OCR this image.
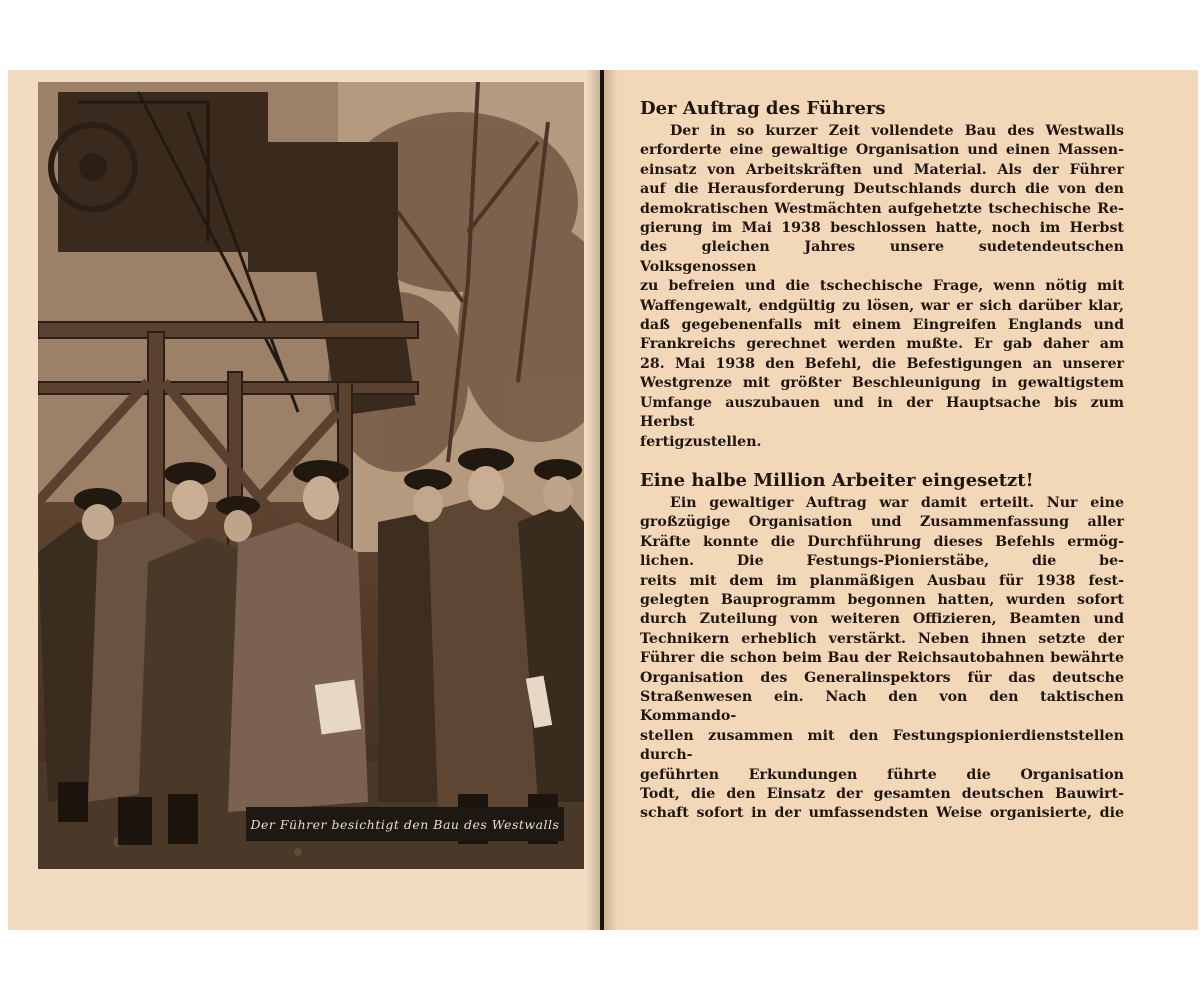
Der Führer besichtigt den Bau des Westwalls
Der Auftrag des Führers
Der in so kurzer Zeit vollendete Bau des Westwalls
erforderte eine gewaltige Organisation und einen Massen-
einsatz von Arbeitskräften und Material. Als der Führer
auf die Herausforderung Deutschlands durch die von den
demokratischen Westmächten aufgehetzte tschechische Re-
gierung im Mai 1938 beschlossen hatte, noch im Herbst
des gleichen Jahres unsere sudetendeutschen Volksgenossen
zu befreien und die tschechische Frage, wenn nötig mit
Waffengewalt, endgültig zu lösen, war er sich darüber klar,
daß gegebenenfalls mit einem Eingreifen Englands und
Frankreichs gerechnet werden mußte. Er gab daher am
28. Mai 1938 den Befehl, die Befestigungen an unserer
Westgrenze mit größter Beschleunigung in gewaltigstem
Umfange auszubauen und in der Hauptsache bis zum Herbst
fertigzustellen.
Eine halbe Million Arbeiter eingesetzt!
Ein gewaltiger Auftrag war damit erteilt. Nur eine
großzügige Organisation und Zusammenfassung aller
Kräfte konnte die Durchführung dieses Befehls ermög-
lichen. Die Festungs-Pionierstäbe, die be-
reits mit dem im planmäßigen Ausbau für 1938 fest-
gelegten Bauprogramm begonnen hatten, wurden sofort
durch Zuteilung von weiteren Offizieren, Beamten und
Technikern erheblich verstärkt. Neben ihnen setzte der
Führer die schon beim Bau der Reichsautobahnen bewährte
Organisation des Generalinspektors für das deutsche
Straßenwesen ein. Nach den von den taktischen Kommando-
stellen zusammen mit den Festungspionierdienststellen durch-
geführten Erkundungen führte die Organisation
Todt, die den Einsatz der gesamten deutschen Bauwirt-
schaft sofort in der umfassendsten Weise organisierte, die
